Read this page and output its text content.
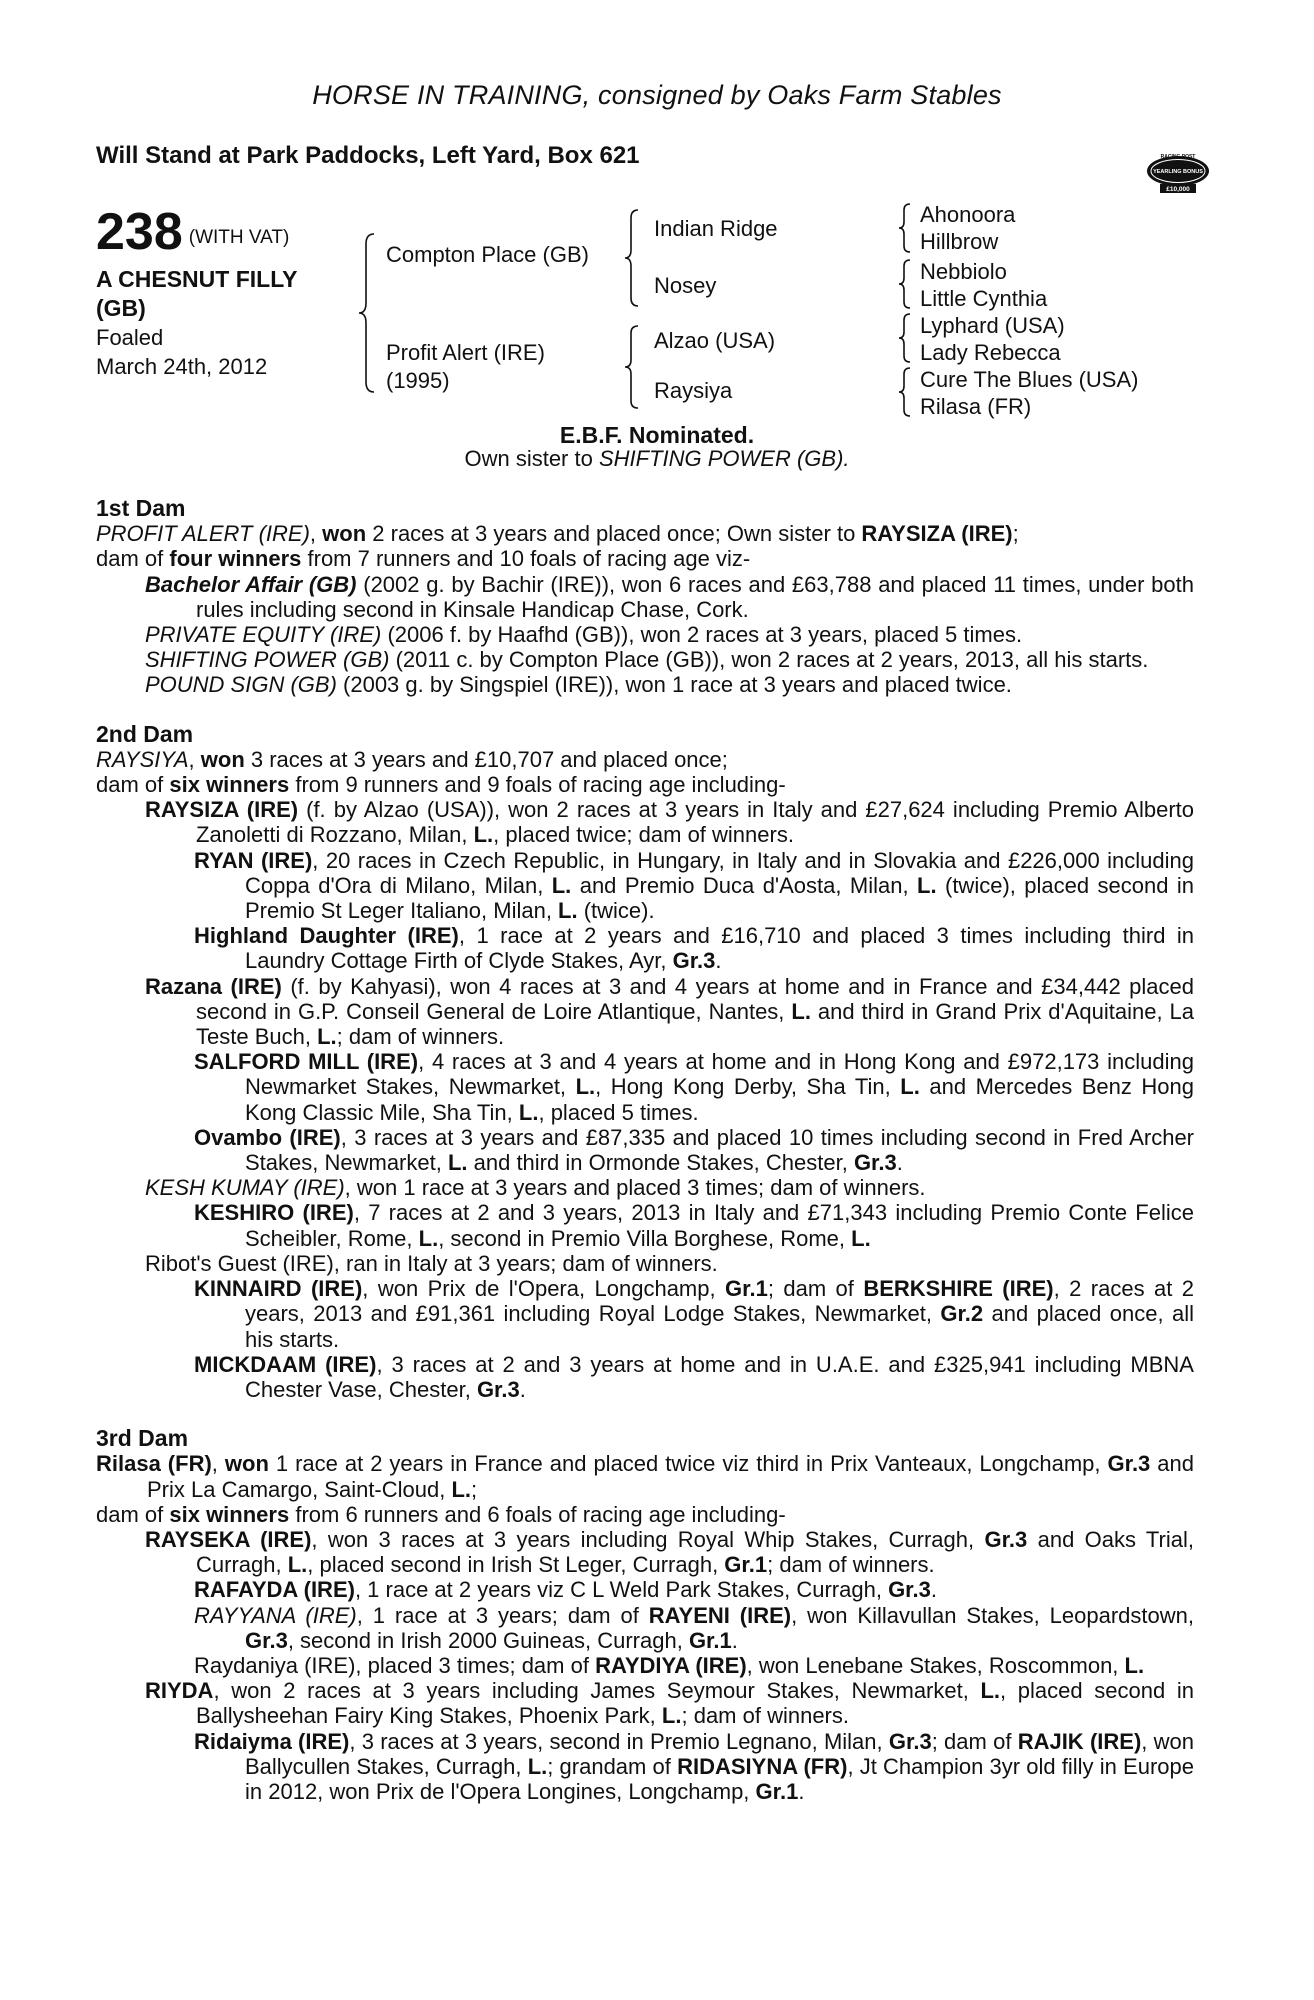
HORSE IN TRAINING, consigned by Oaks Farm Stables
Will Stand at Park Paddocks, Left Yard, Box 621	RACING POST
YEARLING BONUS
£10,000
238 (WITH VAT)
A CHESNUT FILLY
(GB)
Foaled
March 24th, 2012
Compton Place (GB)
Profit Alert (IRE)
(1995)
Indian Ridge
Nosey
Alzao (USA)
Raysiya
Ahonoora
Hillbrow
Nebbiolo
Little Cynthia
Lyphard (USA)
Lady Rebecca
Cure The Blues (USA)
Rilasa (FR)
E.B.F. Nominated.
Own sister to SHIFTING POWER (GB).
1st Dam
PROFIT ALERT (IRE), won 2 races at 3 years and placed once; Own sister to RAYSIZA (IRE);
dam of four winners from 7 runners and 10 foals of racing age viz-
Bachelor Affair (GB) (2002 g. by Bachir (IRE)), won 6 races and £63,788 and placed 11 times, under both rules including second in Kinsale Handicap Chase, Cork.
PRIVATE EQUITY (IRE) (2006 f. by Haafhd (GB)), won 2 races at 3 years, placed 5 times.
SHIFTING POWER (GB) (2011 c. by Compton Place (GB)), won 2 races at 2 years, 2013, all his starts.
POUND SIGN (GB) (2003 g. by Singspiel (IRE)), won 1 race at 3 years and placed twice.
2nd Dam
RAYSIYA, won 3 races at 3 years and £10,707 and placed once;
dam of six winners from 9 runners and 9 foals of racing age including-
RAYSIZA (IRE) (f. by Alzao (USA)), won 2 races at 3 years in Italy and £27,624 including Premio Alberto Zanoletti di Rozzano, Milan, L., placed twice; dam of winners.
RYAN (IRE), 20 races in Czech Republic, in Hungary, in Italy and in Slovakia and £226,000 including Coppa d'Ora di Milano, Milan, L. and Premio Duca d'Aosta, Milan, L. (twice), placed second in Premio St Leger Italiano, Milan, L. (twice).
Highland Daughter (IRE), 1 race at 2 years and £16,710 and placed 3 times including third in Laundry Cottage Firth of Clyde Stakes, Ayr, Gr.3.
Razana (IRE) (f. by Kahyasi), won 4 races at 3 and 4 years at home and in France and £34,442 placed second in G.P. Conseil General de Loire Atlantique, Nantes, L. and third in Grand Prix d'Aquitaine, La Teste Buch, L.; dam of winners.
SALFORD MILL (IRE), 4 races at 3 and 4 years at home and in Hong Kong and £972,173 including Newmarket Stakes, Newmarket, L., Hong Kong Derby, Sha Tin, L. and Mercedes Benz Hong Kong Classic Mile, Sha Tin, L., placed 5 times.
Ovambo (IRE), 3 races at 3 years and £87,335 and placed 10 times including second in Fred Archer Stakes, Newmarket, L. and third in Ormonde Stakes, Chester, Gr.3.
KESH KUMAY (IRE), won 1 race at 3 years and placed 3 times; dam of winners.
KESHIRO (IRE), 7 races at 2 and 3 years, 2013 in Italy and £71,343 including Premio Conte Felice Scheibler, Rome, L., second in Premio Villa Borghese, Rome, L.
Ribot's Guest (IRE), ran in Italy at 3 years; dam of winners.
KINNAIRD (IRE), won Prix de l'Opera, Longchamp, Gr.1; dam of BERKSHIRE (IRE), 2 races at 2 years, 2013 and £91,361 including Royal Lodge Stakes, Newmarket, Gr.2 and placed once, all his starts.
MICKDAAM (IRE), 3 races at 2 and 3 years at home and in U.A.E. and £325,941 including MBNA Chester Vase, Chester, Gr.3.
3rd Dam
Rilasa (FR), won 1 race at 2 years in France and placed twice viz third in Prix Vanteaux, Longchamp, Gr.3 and Prix La Camargo, Saint-Cloud, L.;
dam of six winners from 6 runners and 6 foals of racing age including-
RAYSEKA (IRE), won 3 races at 3 years including Royal Whip Stakes, Curragh, Gr.3 and Oaks Trial, Curragh, L., placed second in Irish St Leger, Curragh, Gr.1; dam of winners.
RAFAYDA (IRE), 1 race at 2 years viz C L Weld Park Stakes, Curragh, Gr.3.
RAYYANA (IRE), 1 race at 3 years; dam of RAYENI (IRE), won Killavullan Stakes, Leopardstown, Gr.3, second in Irish 2000 Guineas, Curragh, Gr.1.
Raydaniya (IRE), placed 3 times; dam of RAYDIYA (IRE), won Lenebane Stakes, Roscommon, L.
RIYDA, won 2 races at 3 years including James Seymour Stakes, Newmarket, L., placed second in Ballysheehan Fairy King Stakes, Phoenix Park, L.; dam of winners.
Ridaiyma (IRE), 3 races at 3 years, second in Premio Legnano, Milan, Gr.3; dam of RAJIK (IRE), won Ballycullen Stakes, Curragh, L.; grandam of RIDASIYNA (FR), Jt Champion 3yr old filly in Europe in 2012, won Prix de l'Opera Longines, Longchamp, Gr.1.
